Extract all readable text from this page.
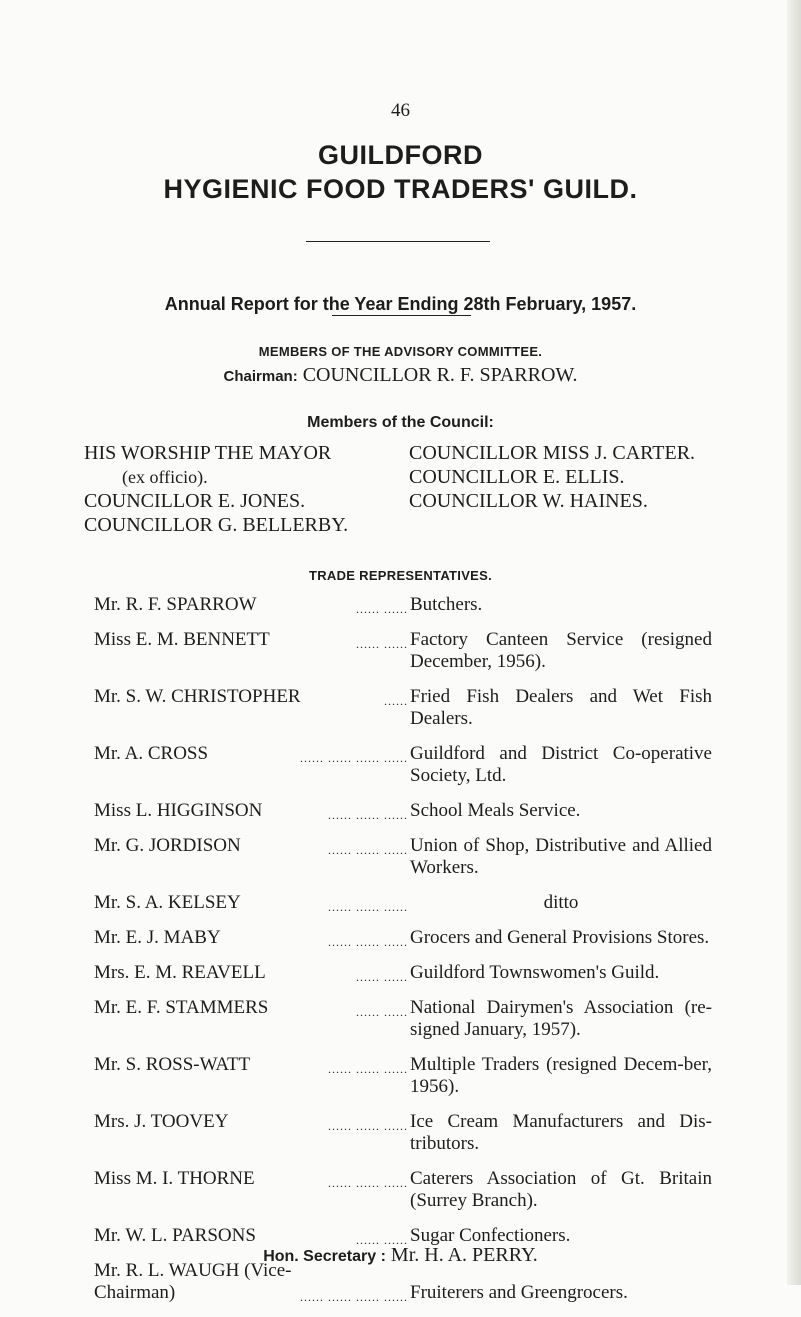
46
GUILDFORD
HYGIENIC FOOD TRADERS' GUILD.
Annual Report for the Year Ending 28th February, 1957.
MEMBERS OF THE ADVISORY COMMITTEE.
Chairman: COUNCILLOR R. F. SPARROW.
Members of the Council:
HIS WORSHIP THE MAYOR
(ex officio).
COUNCILLOR E. JONES.
COUNCILLOR G. BELLERBY.
COUNCILLOR MISS J. CARTER.
COUNCILLOR E. ELLIS.
COUNCILLOR W. HAINES.
TRADE REPRESENTATIVES.
Mr. R. F. SPARROW	...... ...... Butchers.
Miss E. M. BENNETT	...... ...... Factory Canteen Service (resigned December, 1956).
Mr. S. W. CHRISTOPHER	...... Fried Fish Dealers and Wet Fish Dealers.
Mr. A. CROSS	...... ...... ...... ...... Guildford and District Co-operative Society, Ltd.
Miss L. HIGGINSON	...... ...... ...... School Meals Service.
Mr. G. JORDISON	...... ...... ...... Union of Shop, Distributive and Allied Workers.
Mr. S. A. KELSEY	...... ...... ......	ditto
Mr. E. J. MABY	...... ...... ...... Grocers and General Provisions Stores.
Mrs. E. M. REAVELL	...... ...... Guildford Townswomen's Guild.
Mr. E. F. STAMMERS	...... ...... National Dairymen's Association (re-signed January, 1957).
Mr. S. ROSS-WATT	...... ...... ...... Multiple Traders (resigned Decem-ber, 1956).
Mrs. J. TOOVEY	...... ...... ...... Ice Cream Manufacturers and Dis-tributors.
Miss M. I. THORNE	...... ...... ...... Caterers Association of Gt. Britain (Surrey Branch).
Mr. W. L. PARSONS	...... ...... Sugar Confectioners.
Mr. R. L. WAUGH (Vice-
Chairman)	...... ...... ...... ...... Fruiterers and Greengrocers.
Hon. Secretary : Mr. H. A. PERRY.
